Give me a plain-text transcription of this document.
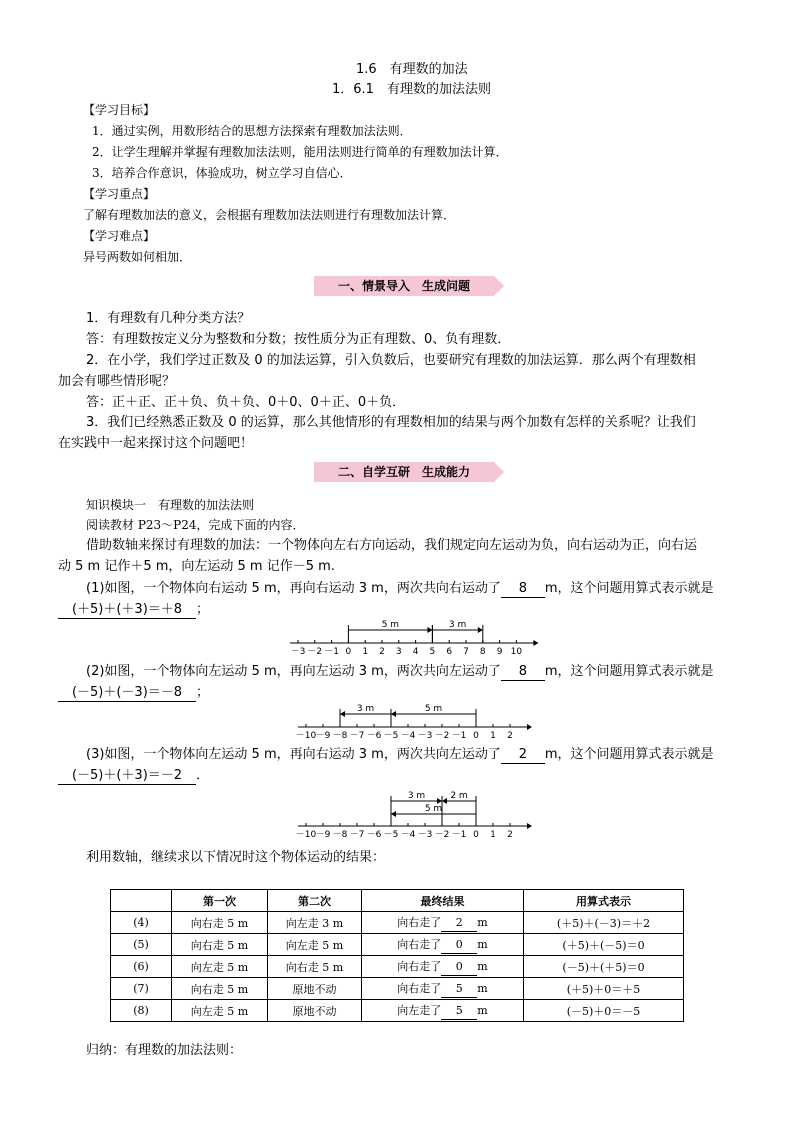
1.6　有理数的加法
1．6.1　有理数的加法法则
【学习目标】
1．通过实例，用数形结合的思想方法探索有理数加法法则．
2．让学生理解并掌握有理数加法法则，能用法则进行简单的有理数加法计算．
3．培养合作意识，体验成功，树立学习自信心．
【学习重点】
了解有理数加法的意义，会根据有理数加法法则进行有理数加法计算．
【学习难点】
异号两数如何相加．
一、情景导入　生成问题
1．有理数有几种分类方法？
答：有理数按定义分为整数和分数；按性质分为正有理数、0、负有理数．
2．在小学，我们学过正数及 0 的加法运算，引入负数后，也要研究有理数的加法运算．那么两个有理数相
加会有哪些情形呢？
答：正＋正、正＋负、负＋负、0＋0、0＋正、0＋负．
3．我们已经熟悉正数及 0 的运算，那么其他情形的有理数相加的结果与两个加数有怎样的关系呢？让我们
在实践中一起来探讨这个问题吧！
二、自学互研　生成能力
知识模块一　有理数的加法法则
阅读教材 P23～P24，完成下面的内容．
借助数轴来探讨有理数的加法：一个物体向左右方向运动，我们规定向左运动为负，向右运动为正，向右运
动 5 m 记作＋5 m，向左运动 5 m 记作－5 m.
(1)如图，一个物体向右运动 5 m，再向右运动 3 m，两次共向右运动了 8 m，这个问题用算式表示就是
(＋5)＋(＋3)＝＋8 ；
－3 －2 －1 0 1 2 3 4 5 6 7 8 9 10
5 m	3 m
(2)如图，一个物体向左运动 5 m，再向左运动 3 m，两次共向左运动了 8 m，这个问题用算式表示就是
(－5)＋(－3)＝－8 ；
－10 －9 －8 －7 －6 －5 －4 －3 －2 －1 0 1 2
3 m	5 m
(3)如图，一个物体向左运动 5 m，再向右运动 3 m，两次共向左运动了 2 m，这个问题用算式表示就是
(－5)＋(＋3)＝－2 ．
－10 －9 －8 －7 －6 －5 －4 －3 －2 －1 0 1 2
5 m
3 m	2 m
利用数轴，继续求以下情况时这个物体运动的结果：
	第一次	第二次	最终结果	用算式表示
(4)	向右走 5 m	向左走 3 m	向右走了 2 m	(＋5)＋(－3)＝＋2
(5)	向右走 5 m	向左走 5 m	向右走了 0 m	(＋5)＋(－5)＝0
(6)	向左走 5 m	向右走 5 m	向右走了 0 m	(－5)＋(＋5)＝0
(7)	向右走 5 m	原地不动	向右走了 5 m	(＋5)＋0＝＋5
(8)	向左走 5 m	原地不动	向左走了 5 m	(－5)＋0＝－5
归纳：有理数的加法法则：
